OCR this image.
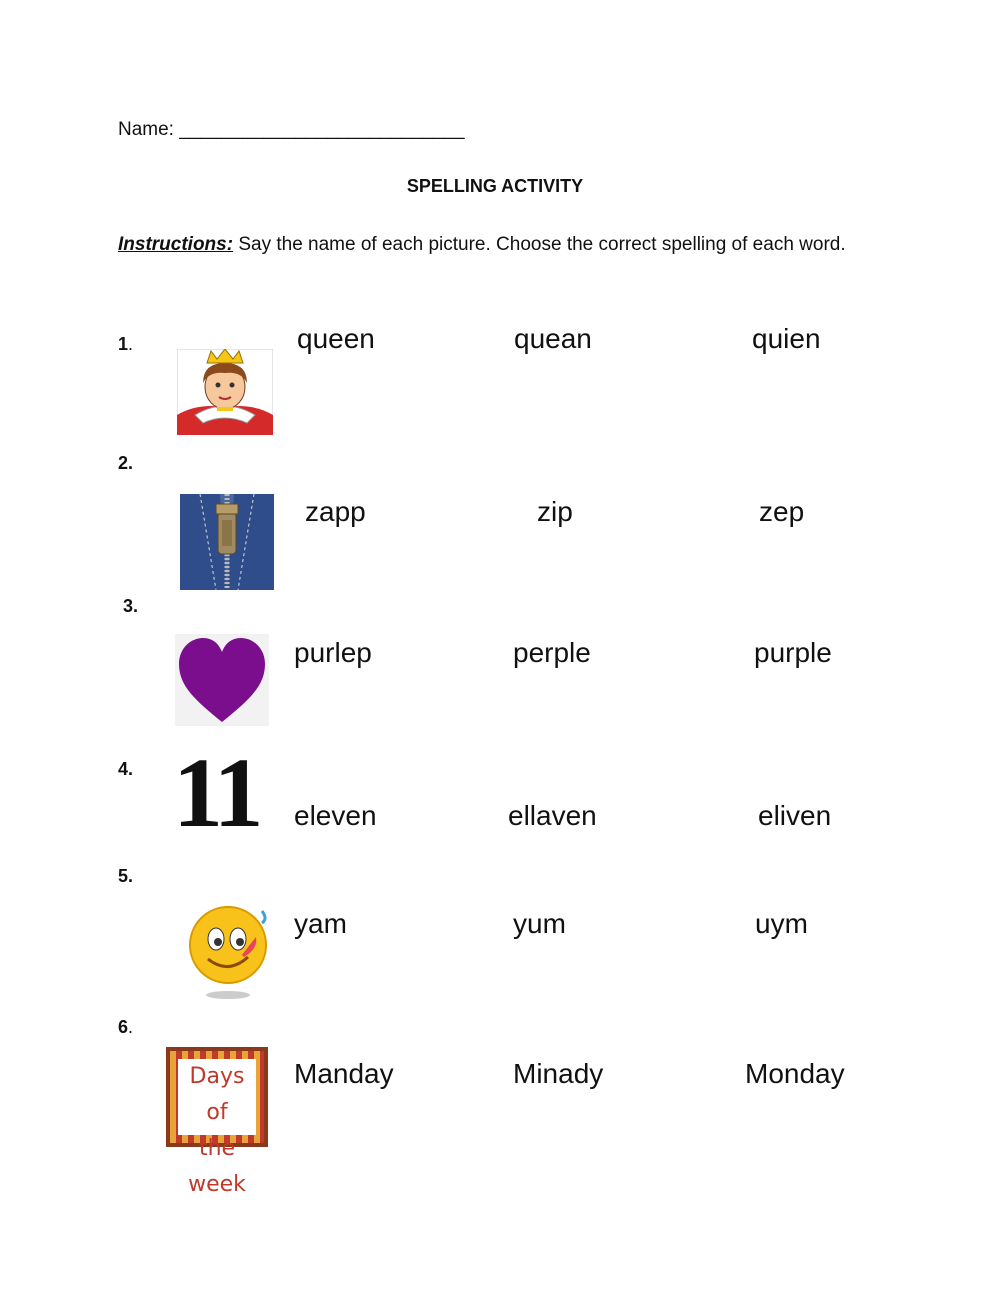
Name: ___________________________
SPELLING ACTIVITY
Instructions: Say the name of each picture. Choose the correct spelling of each word.
1.	queen	quean	quien
2.
zapp	zip	zep
3.
purlep	perple	purple
4. 11 eleven	ellaven	eliven
5.
yam	yum	uym
6.
Days of
the week
Manday	Minady	Monday
